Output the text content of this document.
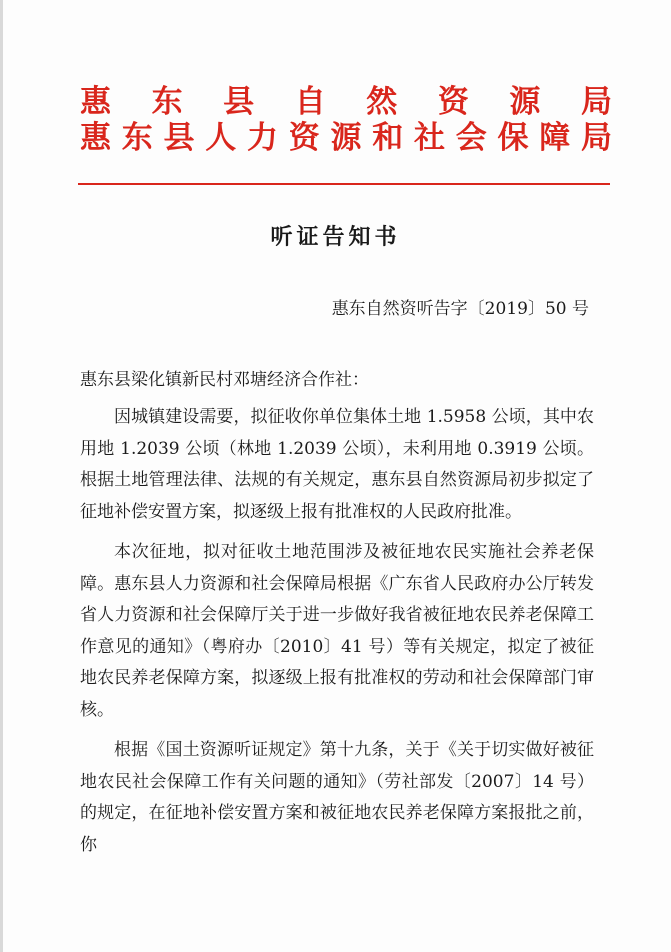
惠 东 县 自 然 资 源 局
惠 东 县 人 力 资 源 和 社 会 保 障 局
听证告知书
惠东自然资听告字〔2019〕50 号
惠东县梁化镇新民村邓塘经济合作社：

因城镇建设需要，拟征收你单位集体土地 1.5958 公顷，其中农用地 1.2039 公顷（林地 1.2039 公顷），未利用地 0.3919 公顷。根据土地管理法律、法规的有关规定，惠东县自然资源局初步拟定了征地补偿安置方案，拟逐级上报有批准权的人民政府批准。

本次征地，拟对征收土地范围涉及被征地农民实施社会养老保障。惠东县人力资源和社会保障局根据《广东省人民政府办公厅转发省人力资源和社会保障厅关于进一步做好我省被征地农民养老保障工作意见的通知》（粤府办〔2010〕41 号）等有关规定，拟定了被征地农民养老保障方案，拟逐级上报有批准权的劳动和社会保障部门审核。

根据《国土资源听证规定》第十九条，关于《关于切实做好被征地农民社会保障工作有关问题的通知》（劳社部发〔2007〕14 号）的规定，在征地补偿安置方案和被征地农民养老保障方案报批之前，你
